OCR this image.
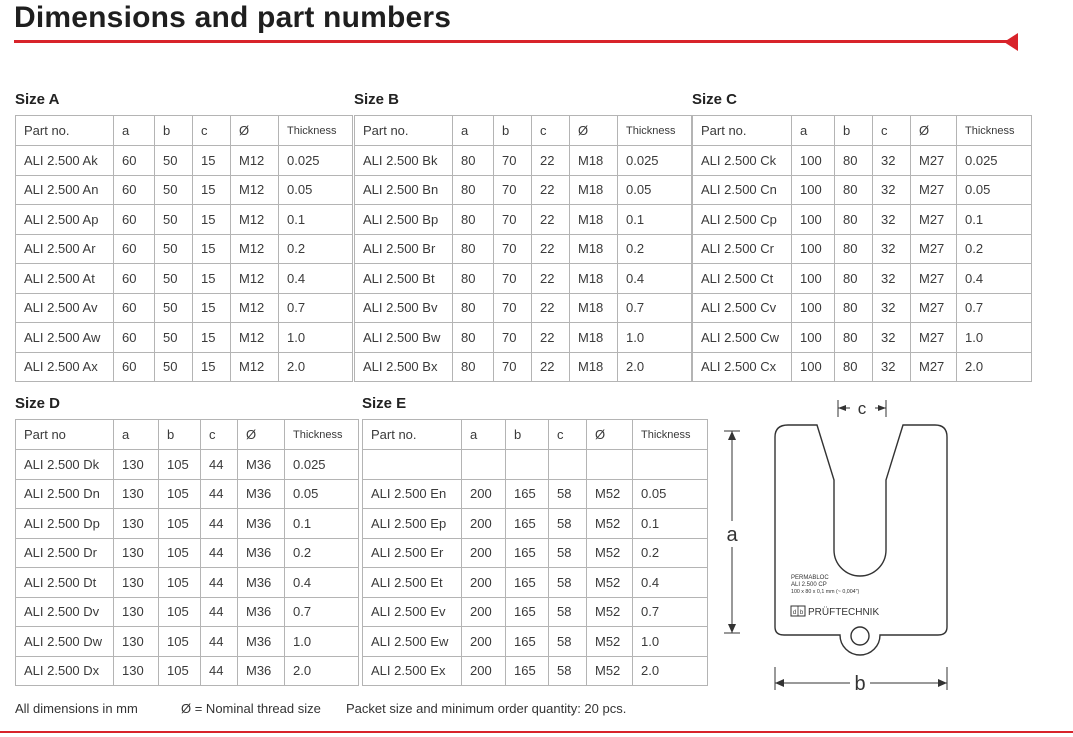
Dimensions and part numbers
Size A	Size B	Size C
Size D	Size E
Part no.	a	b	c	Ø	Thickness
ALI 2.500 Ak	60	50	15	M12	0.025
ALI 2.500 An	60	50	15	M12	0.05
ALI 2.500 Ap	60	50	15	M12	0.1
ALI 2.500 Ar	60	50	15	M12	0.2
ALI 2.500 At	60	50	15	M12	0.4
ALI 2.500 Av	60	50	15	M12	0.7
ALI 2.500 Aw	60	50	15	M12	1.0
ALI 2.500 Ax	60	50	15	M12	2.0
Part no.	a	b	c	Ø	Thickness
ALI 2.500 Bk	80	70	22	M18	0.025
ALI 2.500 Bn	80	70	22	M18	0.05
ALI 2.500 Bp	80	70	22	M18	0.1
ALI 2.500 Br	80	70	22	M18	0.2
ALI 2.500 Bt	80	70	22	M18	0.4
ALI 2.500 Bv	80	70	22	M18	0.7
ALI 2.500 Bw	80	70	22	M18	1.0
ALI 2.500 Bx	80	70	22	M18	2.0
Part no.	a	b	c	Ø	Thickness
ALI 2.500 Ck	100	80	32	M27	0.025
ALI 2.500 Cn	100	80	32	M27	0.05
ALI 2.500 Cp	100	80	32	M27	0.1
ALI 2.500 Cr	100	80	32	M27	0.2
ALI 2.500 Ct	100	80	32	M27	0.4
ALI 2.500 Cv	100	80	32	M27	0.7
ALI 2.500 Cw	100	80	32	M27	1.0
ALI 2.500 Cx	100	80	32	M27	2.0
Part no	a	b	c	Ø	Thickness
ALI 2.500 Dk	130	105	44	M36	0.025
ALI 2.500 Dn	130	105	44	M36	0.05
ALI 2.500 Dp	130	105	44	M36	0.1
ALI 2.500 Dr	130	105	44	M36	0.2
ALI 2.500 Dt	130	105	44	M36	0.4
ALI 2.500 Dv	130	105	44	M36	0.7
ALI 2.500 Dw	130	105	44	M36	1.0
ALI 2.500 Dx	130	105	44	M36	2.0
Part no.	a	b	c	Ø	Thickness

ALI 2.500 En	200	165	58	M52	0.05
ALI 2.500 Ep	200	165	58	M52	0.1
ALI 2.500 Er	200	165	58	M52	0.2
ALI 2.500 Et	200	165	58	M52	0.4
ALI 2.500 Ev	200	165	58	M52	0.7
ALI 2.500 Ew	200	165	58	M52	1.0
ALI 2.500 Ex	200	165	58	M52	2.0
a
b
c
PERMABLOC
ALI 2.500 CP
100 x 80 x 0,1 mm (~ 0,004")
d b PRÜFTECHNIK
All dimensions in mm	Ø = Nominal thread size Packet size and minimum order quantity: 20 pcs.
